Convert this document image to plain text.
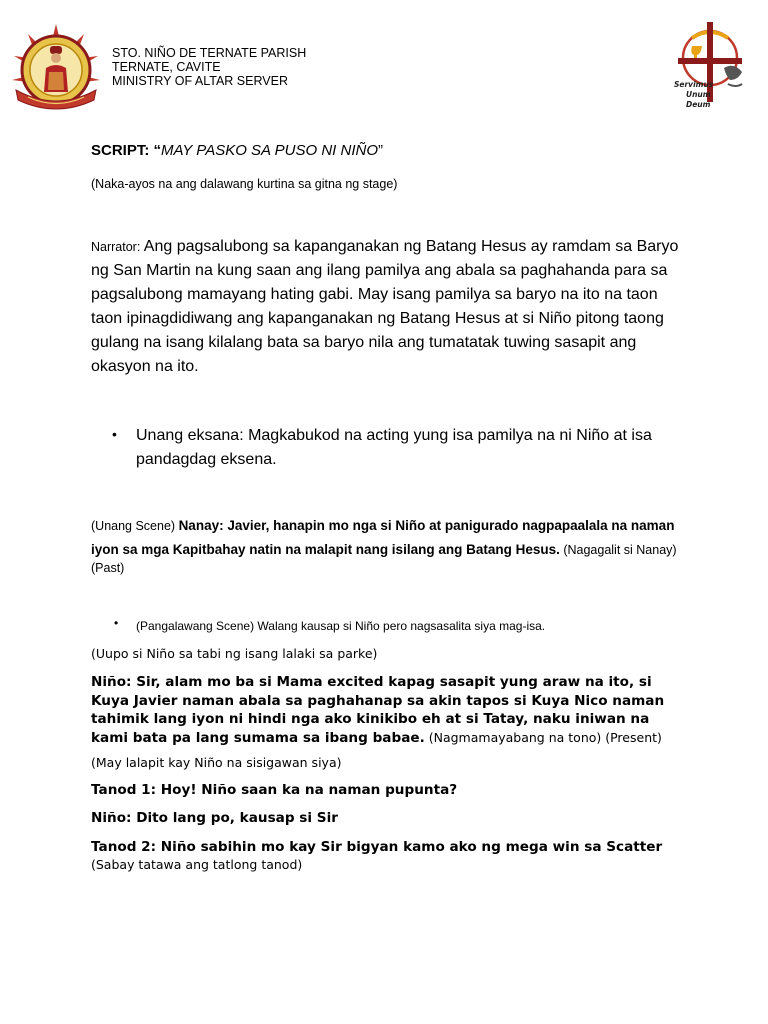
STO. NIÑO DE TERNATE PARISH
TERNATE, CAVITE
MINISTRY OF ALTAR SERVER	Servimus
Unum
Deum
SCRIPT: “MAY PASKO SA PUSO NI NIÑO”
(Naka-ayos na ang dalawang kurtina sa gitna ng stage)
Narrator: Ang pagsalubong sa kapanganakan ng Batang Hesus ay ramdam sa Baryo
ng San Martin na kung saan ang ilang pamilya ang abala sa paghahanda para sa
pagsalubong mamayang hating gabi. May isang pamilya sa baryo na ito na taon
taon ipinagdidiwang ang kapanganakan ng Batang Hesus at si Niño pitong taong
gulang na isang kilalang bata sa baryo nila ang tumatatak tuwing sasapit ang
okasyon na ito.
• Unang eksana: Magkabukod na acting yung isa pamilya na ni Niño at isa
pandagdag eksena.
(Unang Scene) Nanay: Javier, hanapin mo nga si Niño at panigurado nagpapaalala na naman
iyon sa mga Kapitbahay natin na malapit nang isilang ang Batang Hesus. (Nagagalit si Nanay)
(Past)
• (Pangalawang Scene) Walang kausap si Niño pero nagsasalita siya mag-isa.
(Uupo si Niño sa tabi ng isang lalaki sa parke)
Niño: Sir, alam mo ba si Mama excited kapag sasapit yung araw na ito, si
Kuya Javier naman abala sa paghahanap sa akin tapos si Kuya Nico naman
tahimik lang iyon ni hindi nga ako kinikibo eh at si Tatay, naku iniwan na
kami bata pa lang sumama sa ibang babae. (Nagmamayabang na tono) (Present)
(May lalapit kay Niño na sisigawan siya)
Tanod 1: Hoy! Niño saan ka na naman pupunta?
Niño: Dito lang po, kausap si Sir
Tanod 2: Niño sabihin mo kay Sir bigyan kamo ako ng mega win sa Scatter
(Sabay tatawa ang tatlong tanod)
